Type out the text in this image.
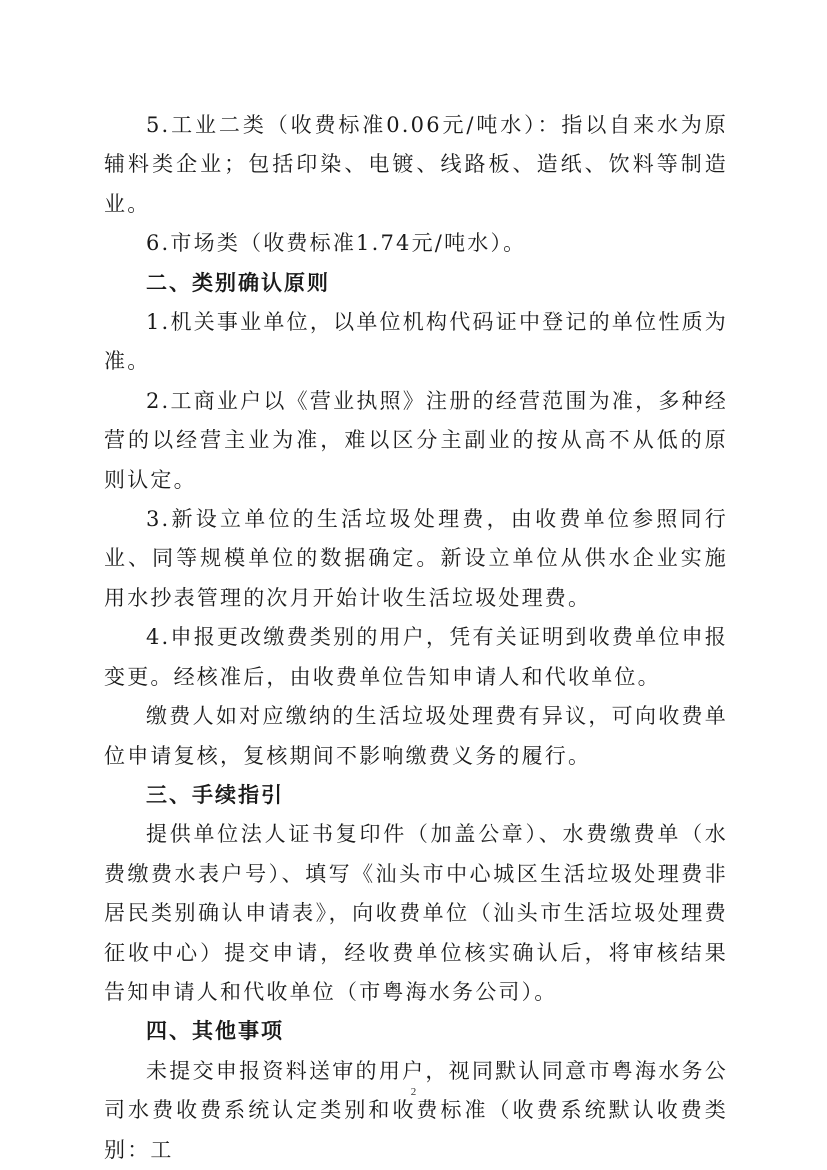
5.工业二类（收费标准0.06元/吨水）：指以自来水为原辅料类企业；包括印染、电镀、线路板、造纸、饮料等制造业。

6.市场类（收费标准1.74元/吨水）。

二、类别确认原则

1.机关事业单位，以单位机构代码证中登记的单位性质为准。

2.工商业户以《营业执照》注册的经营范围为准，多种经营的以经营主业为准，难以区分主副业的按从高不从低的原则认定。

3.新设立单位的生活垃圾处理费，由收费单位参照同行业、同等规模单位的数据确定。新设立单位从供水企业实施用水抄表管理的次月开始计收生活垃圾处理费。

4.申报更改缴费类别的用户，凭有关证明到收费单位申报变更。经核准后，由收费单位告知申请人和代收单位。

缴费人如对应缴纳的生活垃圾处理费有异议，可向收费单位申请复核，复核期间不影响缴费义务的履行。

三、手续指引

提供单位法人证书复印件（加盖公章）、水费缴费单（水费缴费水表户号）、填写《汕头市中心城区生活垃圾处理费非居民类别确认申请表》，向收费单位（汕头市生活垃圾处理费征收中心）提交申请，经收费单位核实确认后，将审核结果告知申请人和代收单位（市粤海水务公司）。

四、其他事项

未提交申报资料送审的用户，视同默认同意市粤海水务公司水费收费系统认定类别和收费标准（收费系统默认收费类别：工

2
